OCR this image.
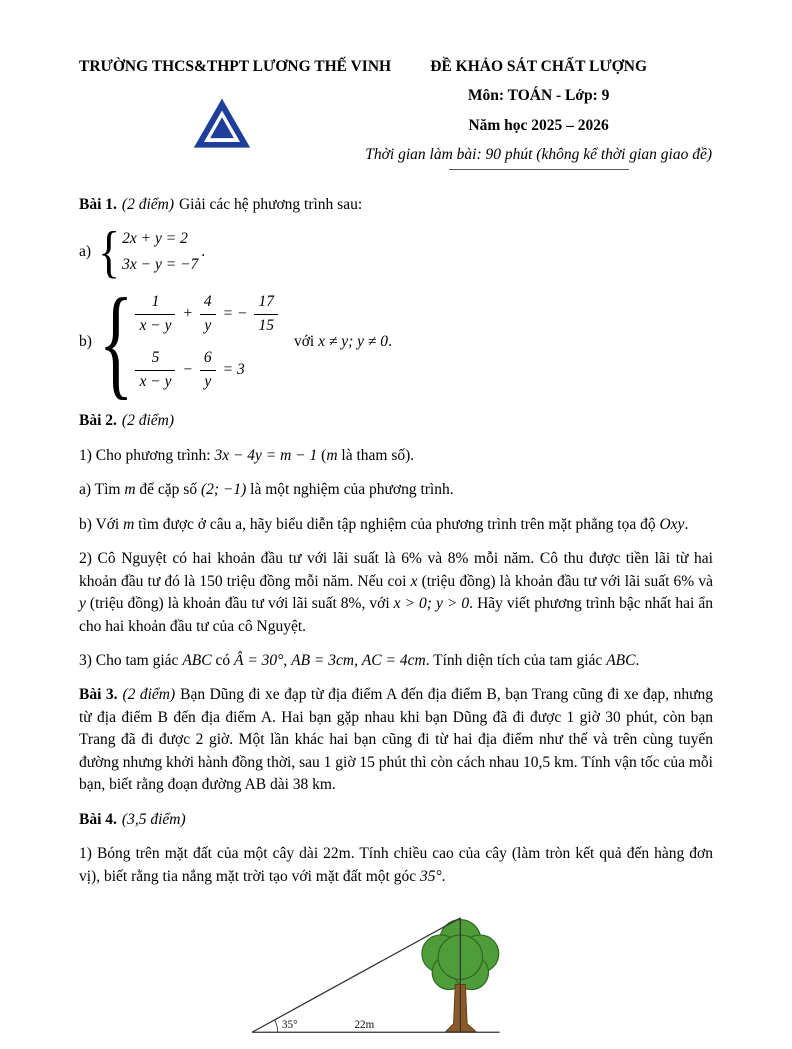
TRƯỜNG THCS&THPT LƯƠNG THẾ VINH	ĐỀ KHẢO SÁT CHẤT LƯỢNG
Môn: TOÁN - Lớp: 9
Năm học 2025 – 2026
Thời gian làm bài: 90 phút (không kể thời gian giao đề)

Bài 1. (2 điểm) Giải các hệ phương trình sau:

a) { 2x + y = 2
3x − y = −7
.
b) { $\frac{1}{x - y} + \frac{4}{y}$ = − $\frac{17}{15}$
$\frac{5}{x - y} - \frac{6}{y} = 3$
với x ≠ y; y ≠ 0.

Bài 2. (2 điểm)

1) Cho phương trình: 3x − 4y = m − 1 (m là tham số).

a) Tìm m để cặp số (2; −1) là một nghiệm của phương trình.

b) Với m tìm được ở câu a, hãy biểu diễn tập nghiệm của phương trình trên mặt phẳng tọa độ Oxy.

2) Cô Nguyệt có hai khoản đầu tư với lãi suất là 6% và 8% mỗi năm. Cô thu được tiền lãi từ hai khoản đầu tư đó là 150 triệu đồng mỗi năm. Nếu coi x (triệu đồng) là khoản đầu tư với lãi suất 6% và y (triệu đồng) là khoản đầu tư với lãi suất 8%, với x > 0; y > 0. Hãy viết phương trình bậc nhất hai ẩn cho hai khoản đầu tư của cô Nguyệt.

3) Cho tam giác ABC có Â = 30°, AB = 3cm, AC = 4cm. Tính diện tích của tam giác ABC.

Bài 3. (2 điểm) Bạn Dũng đi xe đạp từ địa điểm A đến địa điểm B, bạn Trang cũng đi xe đạp, nhưng từ địa điểm B đến địa điểm A. Hai bạn gặp nhau khi bạn Dũng đã đi được 1 giờ 30 phút, còn bạn Trang đã đi được 2 giờ. Một lần khác hai bạn cũng đi từ hai địa điểm như thế và trên cùng tuyến đường nhưng khởi hành đồng thời, sau 1 giờ 15 phút thì còn cách nhau 10,5 km. Tính vận tốc của mỗi bạn, biết rằng đoạn đường AB dài 38 km.

Bài 4. (3,5 điểm)

1) Bóng trên mặt đất của một cây dài 22m. Tính chiều cao của cây (làm tròn kết quả đến hàng đơn vị), biết rằng tia nắng mặt trời tạo với mặt đất một góc 35°.

35°	22m
